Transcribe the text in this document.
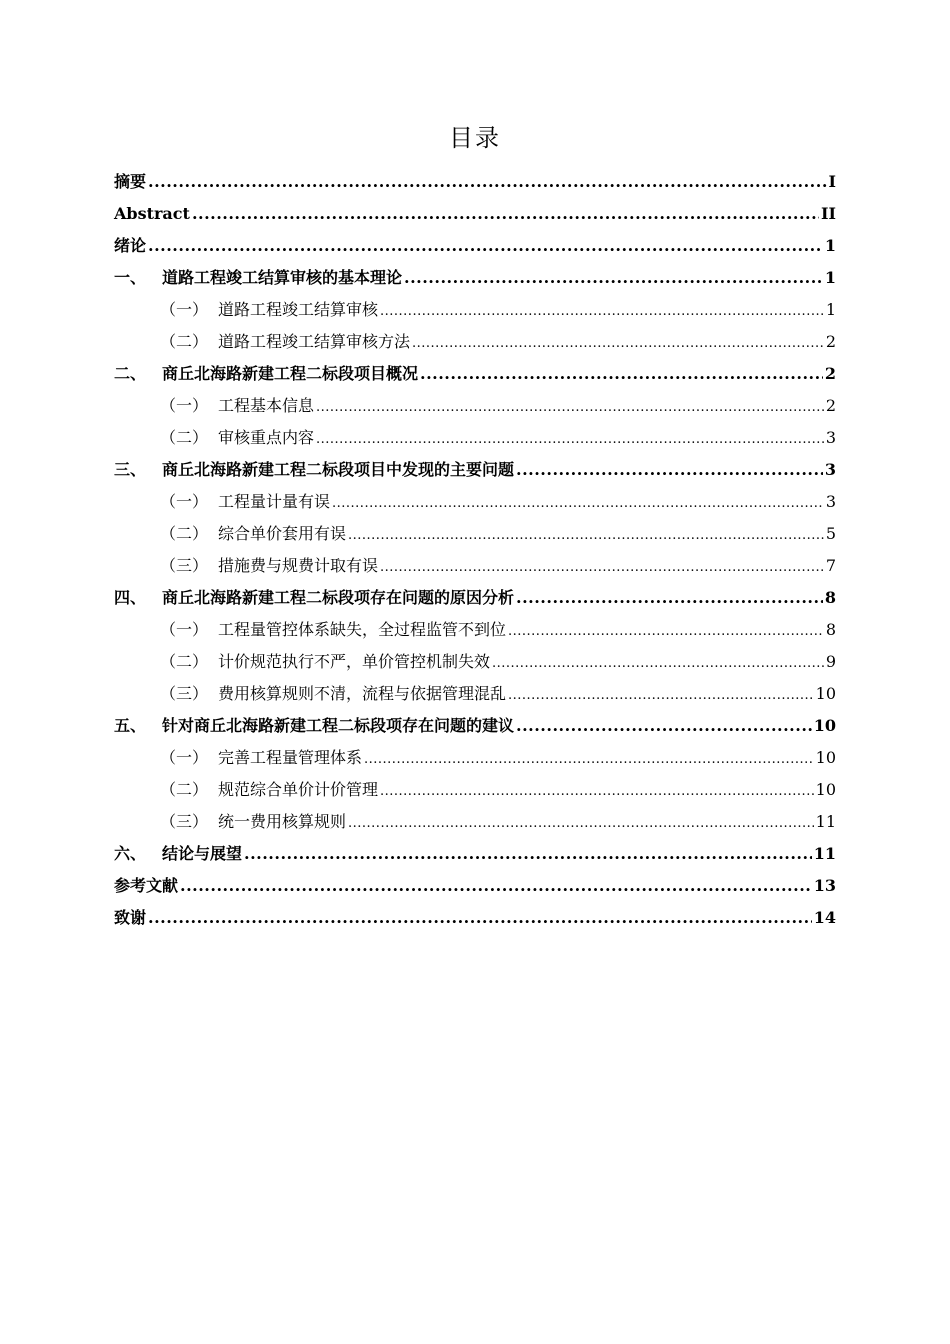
目录
摘要 .....	I
Abstract .....	II
绪论 .....	1
一、 道路工程竣工结算审核的基本理论 .....	1
（一） 道路工程竣工结算审核 .....	1
（二） 道路工程竣工结算审核方法 .....	2
二、 商丘北海路新建工程二标段项目概况 .....	2
（一） 工程基本信息 .....	2
（二） 审核重点内容 .....	3
三、 商丘北海路新建工程二标段项目中发现的主要问题 .....	3
（一） 工程量计量有误 .....	3
（二） 综合单价套用有误 .....	5
（三） 措施费与规费计取有误 .....	7
四、 商丘北海路新建工程二标段项存在问题的原因分析 .....	8
（一） 工程量管控体系缺失，全过程监管不到位 .....	8
（二） 计价规范执行不严，单价管控机制失效 .....	9
（三） 费用核算规则不清，流程与依据管理混乱 .....	10
五、 针对商丘北海路新建工程二标段项存在问题的建议 .....	10
（一） 完善工程量管理体系 .....	10
（二） 规范综合单价计价管理 .....	10
（三） 统一费用核算规则 .....	11
六、 结论与展望 .....	11
参考文献 .....	13
致谢 .....	14
